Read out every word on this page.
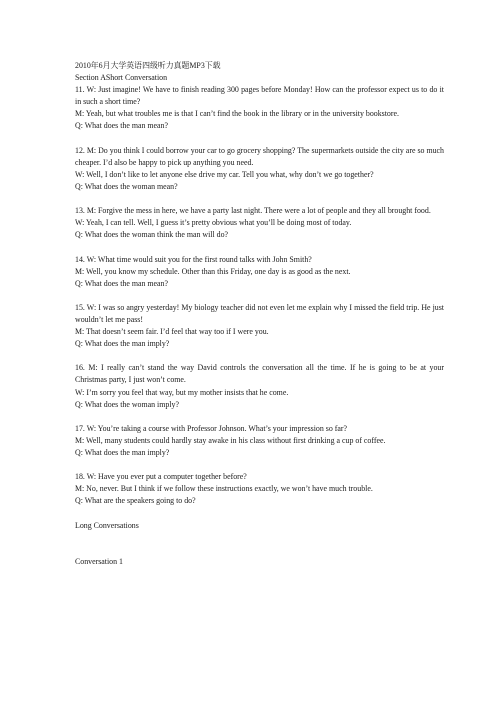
2010年6月大学英语四级听力真题MP3下载

Section AShort Conversation

11. W: Just imagine! We have to finish reading 300 pages before Monday! How can the professor expect us to do it in such a short time?

M: Yeah, but what troubles me is that I can’t find the book in the library or in the university bookstore.

Q: What does the man mean?

12. M: Do you think I could borrow your car to go grocery shopping? The supermarkets outside the city are so much cheaper. I’d also be happy to pick up anything you need.

W: Well, I don’t like to let anyone else drive my car. Tell you what, why don’t we go together?

Q: What does the woman mean?

13. M: Forgive the mess in here, we have a party last night. There were a lot of people and they all brought food.

W: Yeah, I can tell. Well, I guess it’s pretty obvious what you’ll be doing most of today.

Q: What does the woman think the man will do?

14. W: What time would suit you for the first round talks with John Smith?

M: Well, you know my schedule. Other than this Friday, one day is as good as the next.

Q: What does the man mean?

15. W: I was so angry yesterday! My biology teacher did not even let me explain why I missed the field trip. He just wouldn’t let me pass!

M: That doesn’t seem fair. I’d feel that way too if I were you.

Q: What does the man imply?

16. M: I really can’t stand the way David controls the conversation all the time. If he is going to be at your Christmas party, I just won’t come.

W: I’m sorry you feel that way, but my mother insists that he come.

Q: What does the woman imply?

17. W: You’re taking a course with Professor Johnson. What’s your impression so far?

M: Well, many students could hardly stay awake in his class without first drinking a cup of coffee.

Q: What does the man imply?

18. W: Have you ever put a computer together before?

M: No, never. But I think if we follow these instructions exactly, we won’t have much trouble.

Q: What are the speakers going to do?

Long Conversations

Conversation 1
